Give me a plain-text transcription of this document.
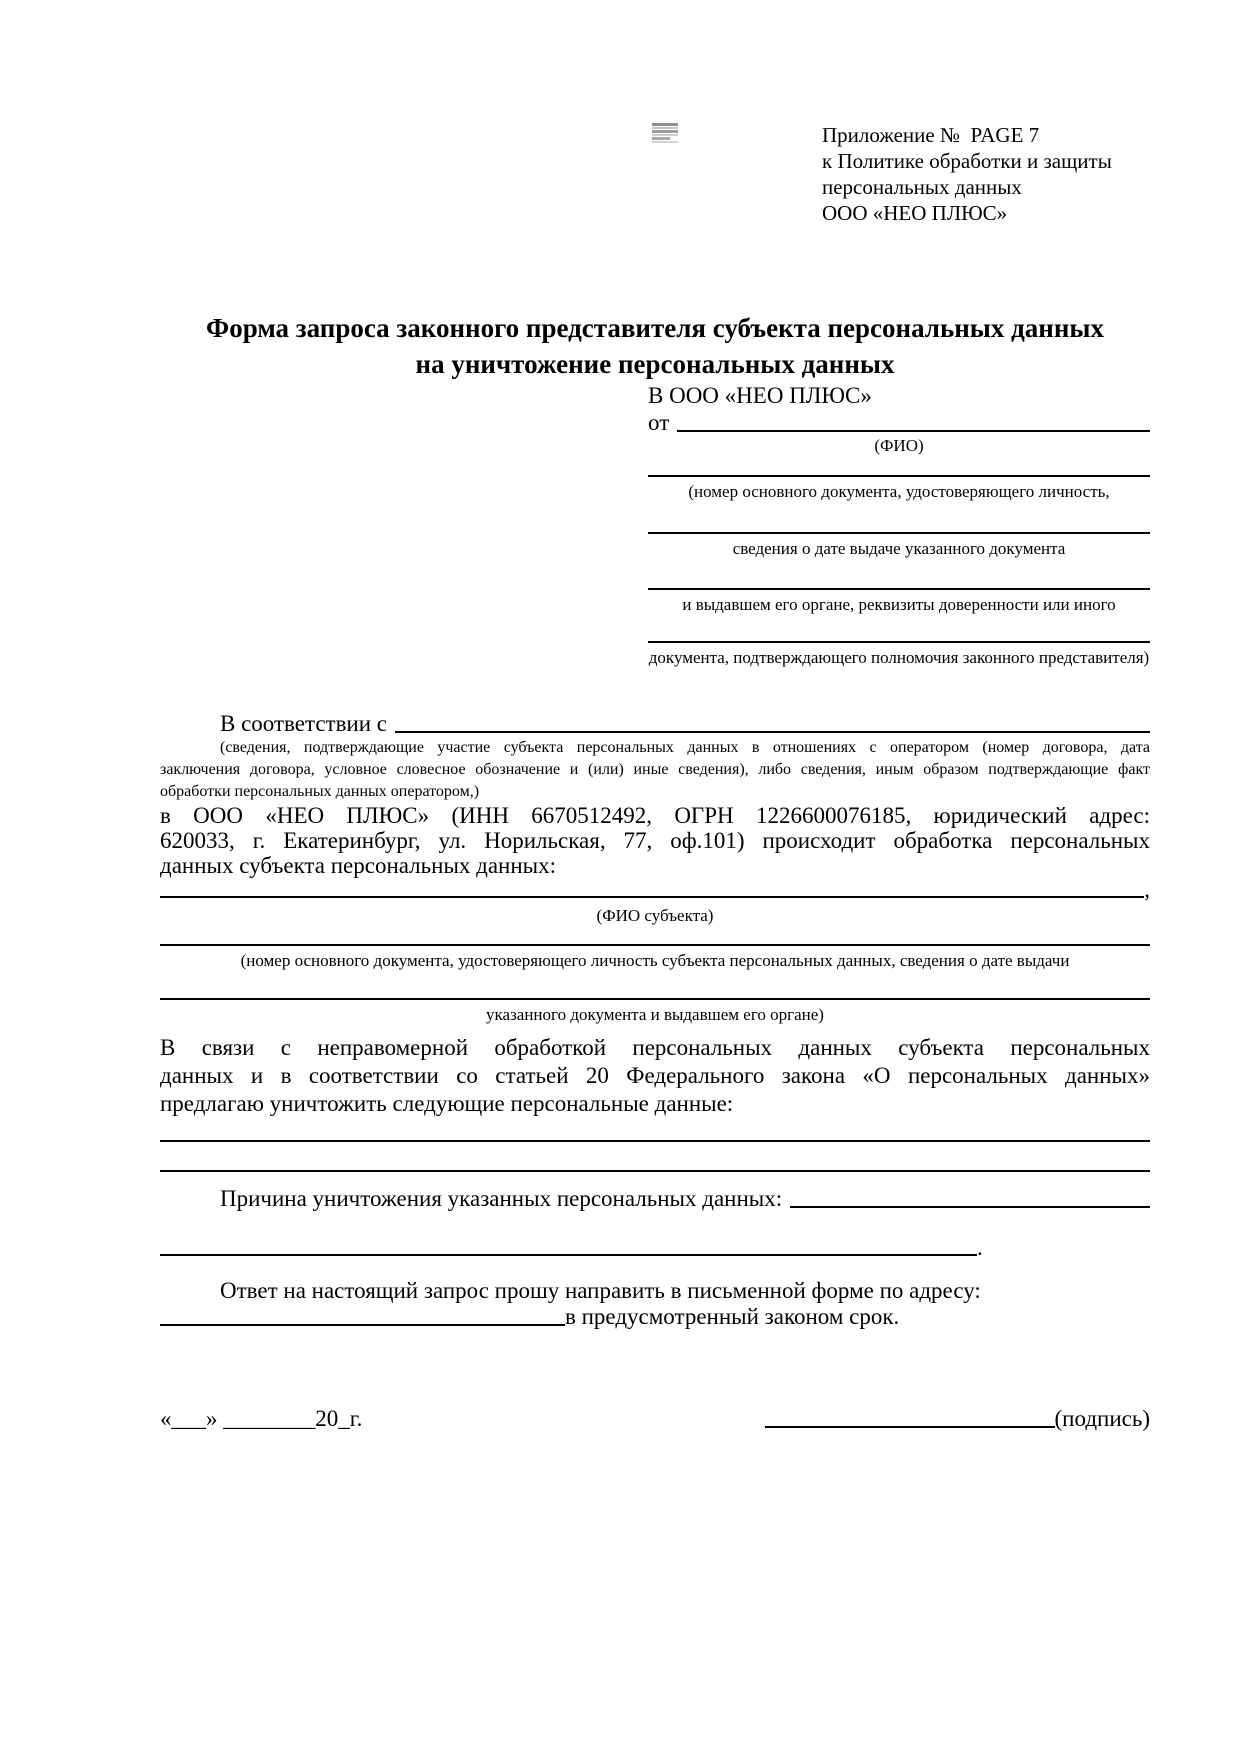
Приложение №  PAGE 7
к Политике обработки и защиты
персональных данных
ООО «НЕО ПЛЮС»
Форма запроса законного представителя субъекта персональных данных
на уничтожение персональных данных
В ООО «НЕО ПЛЮС»
от
(ФИО)
(номер основного документа, удостоверяющего личность,
сведения о дате выдаче указанного документа
и выдавшем его органе, реквизиты доверенности или иного
документа, подтверждающего полномочия законного представителя)
В соответствии с
(сведения, подтверждающие участие субъекта персональных данных в отношениях с оператором (номер договора, дата
заключения договора, условное словесное обозначение и (или) иные сведения), либо сведения, иным образом подтверждающие факт
обработки персональных данных оператором,)
в ООО «НЕО ПЛЮС» (ИНН 6670512492, ОГРН 1226600076185, юридический адрес:
620033, г. Екатеринбург, ул. Норильская, 77, оф.101) происходит обработка персональных
данных субъекта персональных данных:
,
(ФИО субъекта)
(номер основного документа, удостоверяющего личность субъекта персональных данных, сведения о дате выдачи
указанного документа и выдавшем его органе)
В связи с неправомерной обработкой персональных данных субъекта персональных
данных и в соответствии со статьей 20 Федерального закона «О персональных данных»
предлагаю уничтожить следующие персональные данные:
Причина уничтожения указанных персональных данных:
.
Ответ на настоящий запрос прошу направить в письменной форме по адресу:
в предусмотренный законом срок.
«___» ________20_г.	(подпись)
